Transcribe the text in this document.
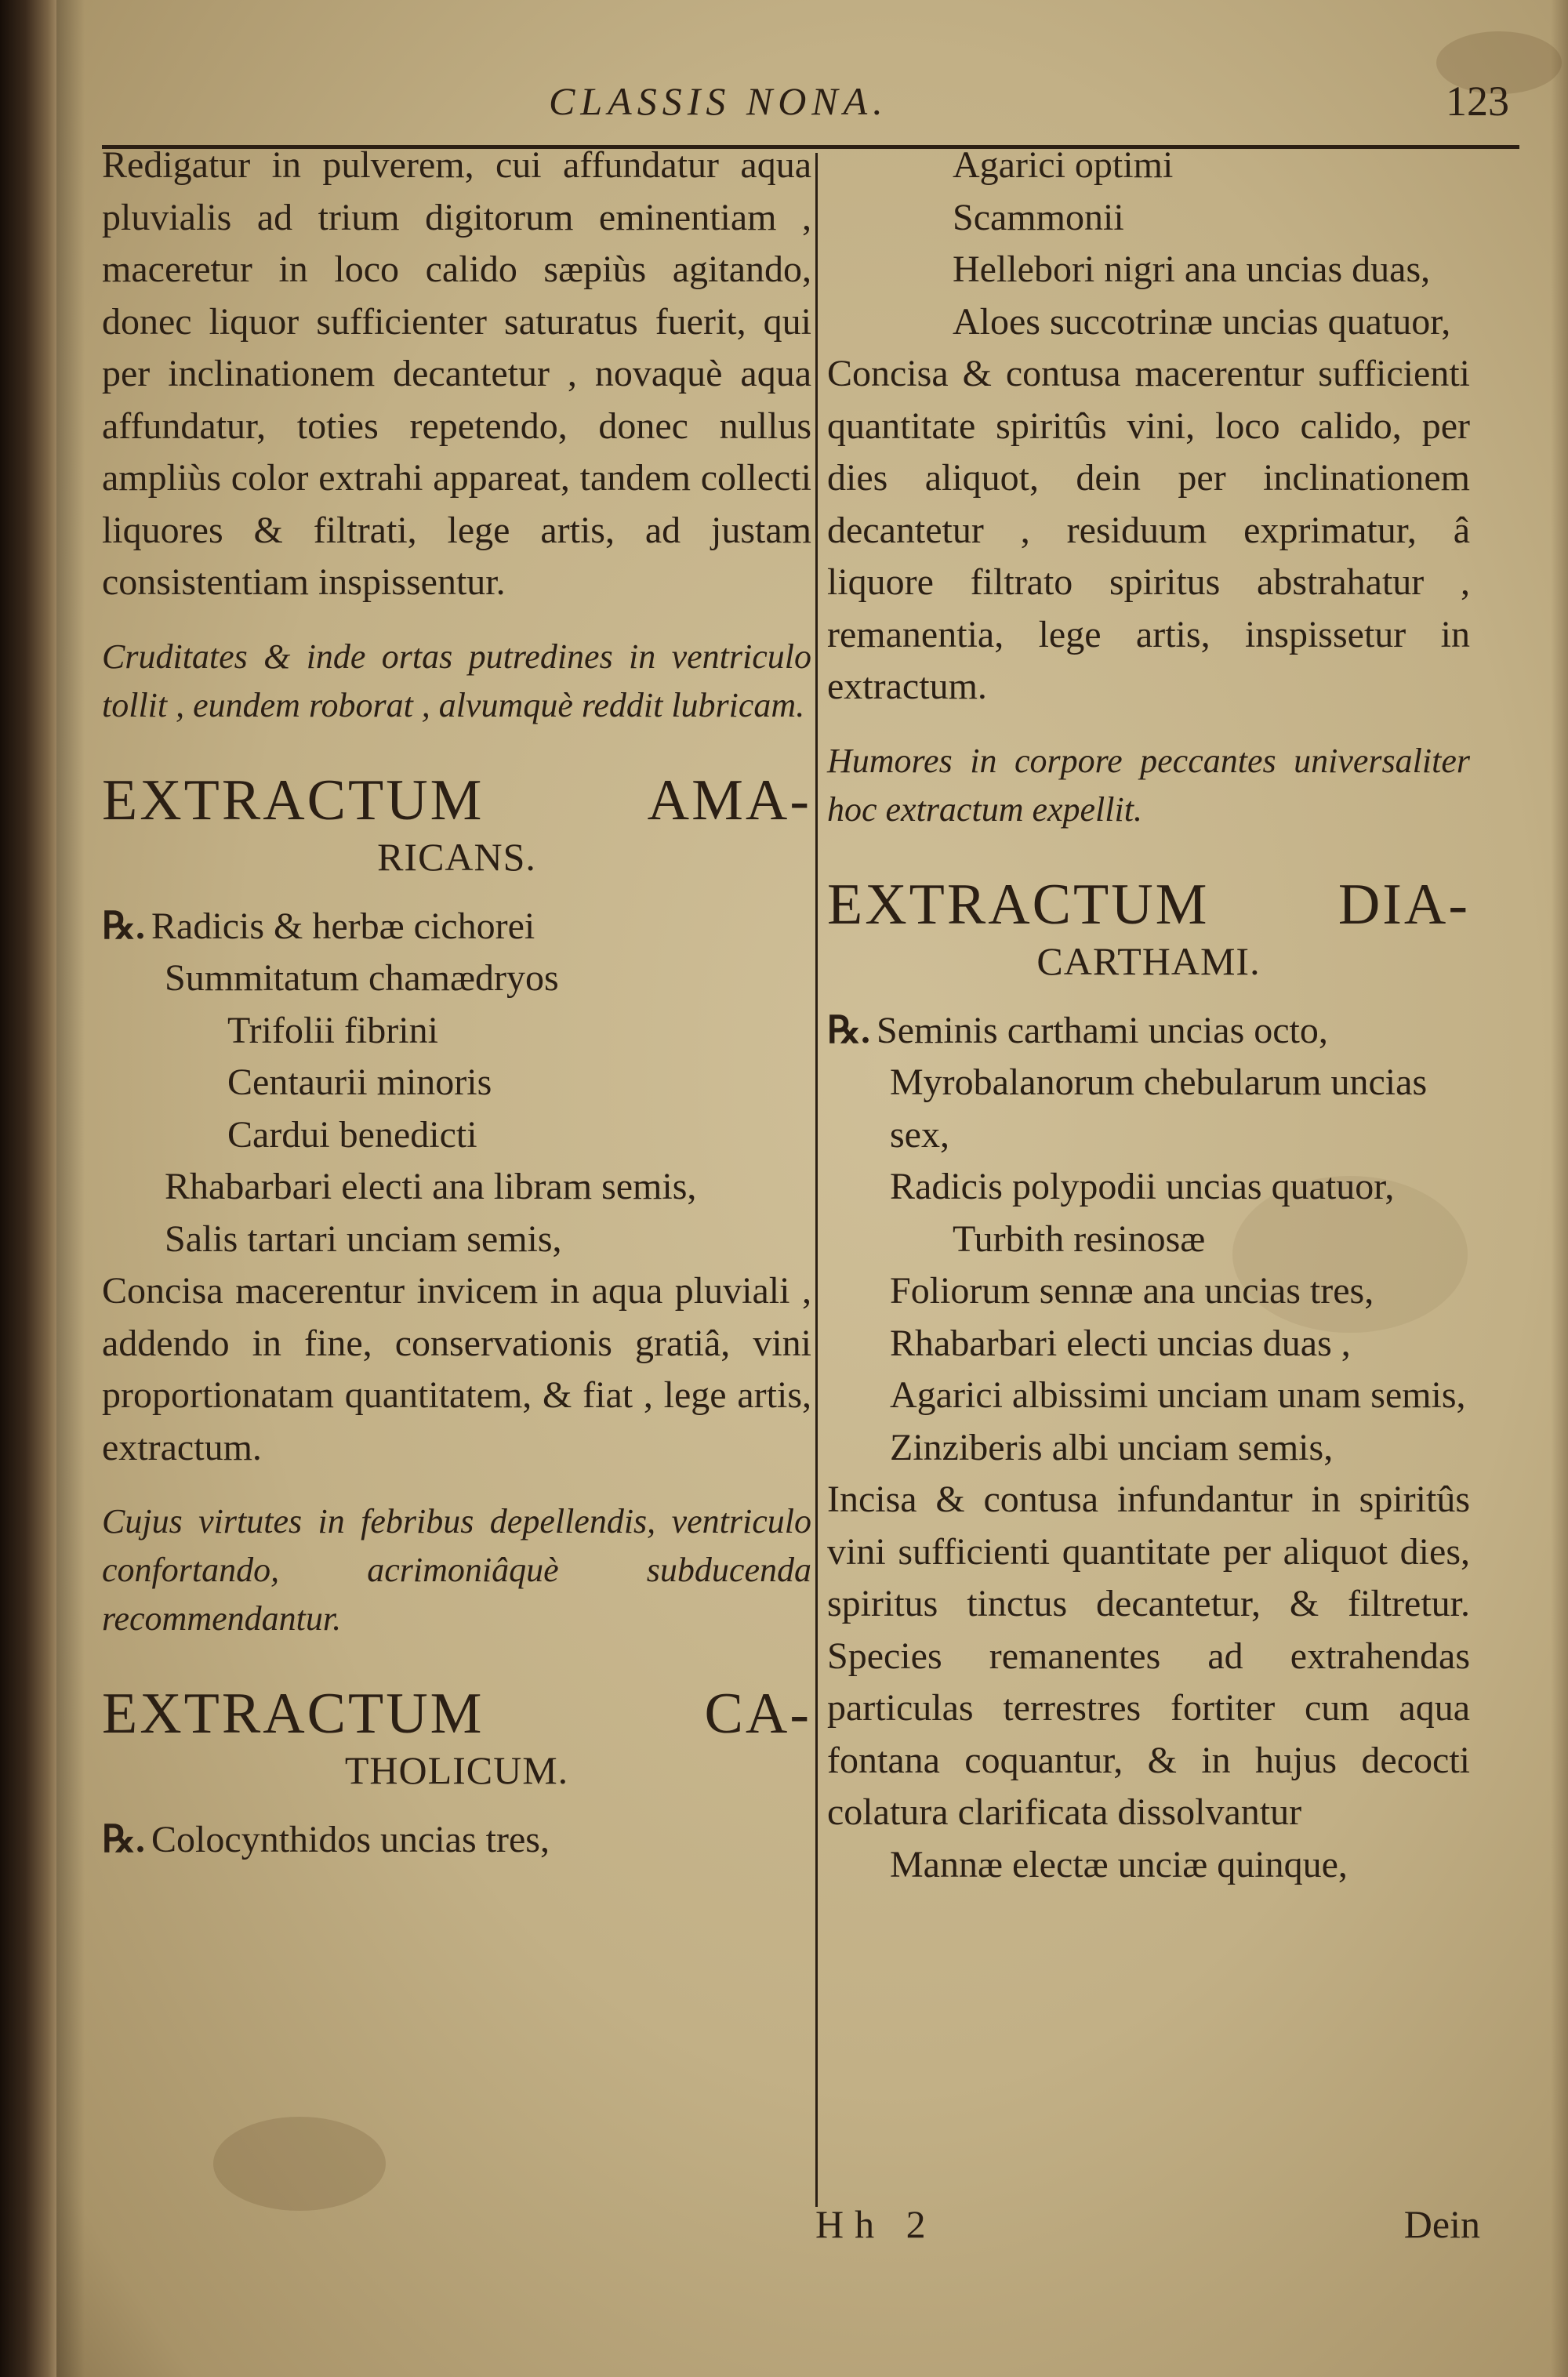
CLASSIS NONA.	123

Redigatur in pulverem, cui affundatur aqua pluvialis ad trium digitorum eminentiam , maceretur in loco calido sæpiùs agitando, donec liquor sufficienter saturatus fuerit, qui per inclinationem decantetur , novaquè aqua affundatur, toties repetendo, donec nullus ampliùs color extrahi appareat, tandem collecti liquores & filtrati, lege artis, ad justam consistentiam inspissentur.

Cruditates & inde ortas putredines in ventriculo tollit , eundem roborat , alvumquè reddit lubricam.

EXTRACTUM AMA-
RICANS.
℞. Radicis & herbæ cichorei
Summitatum chamædryos
Trifolii fibrini
Centaurii minoris
Cardui benedicti
Rhabarbari electi ana libram semis,
Salis tartari unciam semis,

Concisa macerentur invicem in aqua pluviali , addendo in fine, conservationis gratiâ, vini proportionatam quantitatem, & fiat , lege artis, extractum.

Cujus virtutes in febribus depellendis, ventriculo confortando, acrimoniâquè subducenda recommendantur.

EXTRACTUM CA-
THOLICUM.
℞. Colocynthidos uncias tres,
Agarici optimi
Scammonii
Hellebori nigri ana uncias duas,
Aloes succotrinæ uncias quatuor,

Concisa & contusa macerentur sufficienti quantitate spiritûs vini, loco calido, per dies aliquot, dein per inclinationem decantetur , residuum exprimatur, â liquore filtrato spiritus abstrahatur , remanentia, lege artis, inspissetur in extractum.

Humores in corpore peccantes universaliter hoc extractum expellit.

EXTRACTUM DIA-
CARTHAMI.
℞. Seminis carthami uncias octo,
Myrobalanorum chebularum uncias sex,
Radicis polypodii uncias quatuor,
Turbith resinosæ
Foliorum sennæ ana uncias tres,
Rhabarbari electi uncias duas ,
Agarici albissimi unciam unam semis,
Zinziberis albi unciam semis,

Incisa & contusa infundantur in spiritûs vini sufficienti quantitate per aliquot dies, spiritus tinctus decantetur, & filtretur. Species remanentes ad extrahendas particulas terrestres fortiter cum aqua fontana coquantur, & in hujus decocti colatura clarificata dissolvantur

Mannæ electæ unciæ quinque,
Hh 2	Dein
